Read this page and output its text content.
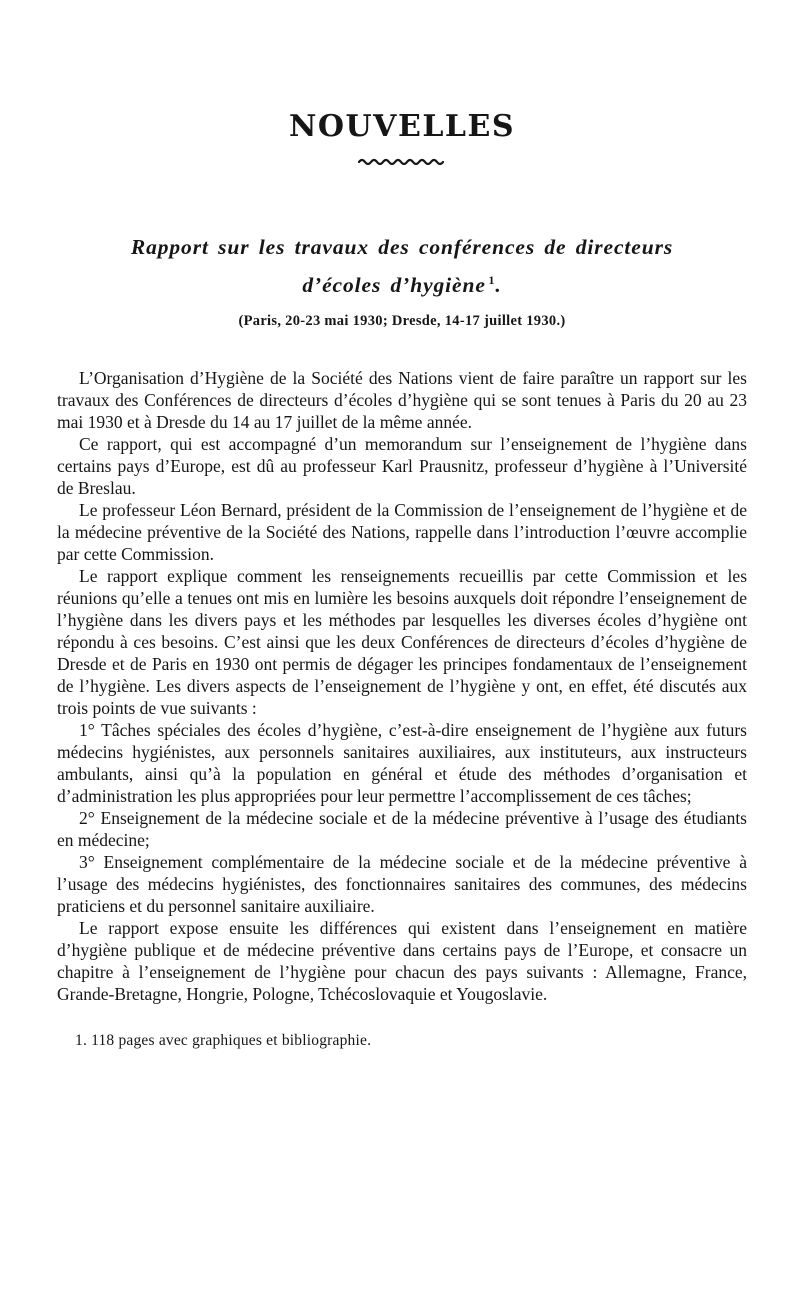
NOUVELLES
Rapport sur les travaux des conférences de directeurs
d’écoles d’hygiène  $^1$.
(Paris, 20-23 mai 1930; Dresde, 14-17 juillet 1930.)

L’Organisation d’Hygiène de la Société des Nations vient de faire paraître un rapport sur les travaux des Conférences de directeurs d’écoles d’hygiène qui se sont tenues à Paris du 20 au 23 mai 1930 et à Dresde du 14 au 17 juillet de la même année.

Ce rapport, qui est accompagné d’un memorandum sur l’enseignement de l’hygiène dans certains pays d’Europe, est dû au professeur Karl Prausnitz, professeur d’hygiène à l’Université de Breslau.

Le professeur Léon Bernard, président de la Commission de l’enseignement de l’hygiène et de la médecine préventive de la Société des Nations, rappelle dans l’introduction l’œuvre accomplie par cette Commission.

Le rapport explique comment les renseignements recueillis par cette Commission et les réunions qu’elle a tenues ont mis en lumière les besoins auxquels doit répondre l’enseignement de l’hygiène dans les divers pays et les méthodes par lesquelles les diverses écoles d’hygiène ont répondu à ces besoins. C’est ainsi que les deux Conférences de directeurs d’écoles d’hygiène de Dresde et de Paris en 1930 ont permis de dégager les principes fondamentaux de l’enseignement de l’hygiène. Les divers aspects de l’enseignement de l’hygiène y ont, en effet, été discutés aux trois points de vue suivants :

1° Tâches spéciales des écoles d’hygiène, c’est-à-dire enseignement de l’hygiène aux futurs médecins hygiénistes, aux personnels sanitaires auxiliaires, aux instituteurs, aux instructeurs ambulants, ainsi qu’à la population en général et étude des méthodes d’organisation et d’administration les plus appropriées pour leur permettre l’accomplissement de ces tâches;

2° Enseignement de la médecine sociale et de la médecine préventive à l’usage des étudiants en médecine;

3° Enseignement complémentaire de la médecine sociale et de la médecine préventive à l’usage des médecins hygiénistes, des fonctionnaires sanitaires des communes, des médecins praticiens et du personnel sanitaire auxiliaire.

Le rapport expose ensuite les différences qui existent dans l’enseignement en matière d’hygiène publique et de médecine préventive dans certains pays de l’Europe, et consacre un chapitre à l’enseignement de l’hygiène pour chacun des pays suivants : Allemagne, France, Grande-Bretagne, Hongrie, Pologne, Tchécoslovaquie et Yougoslavie.

1. 118 pages avec graphiques et bibliographie.
